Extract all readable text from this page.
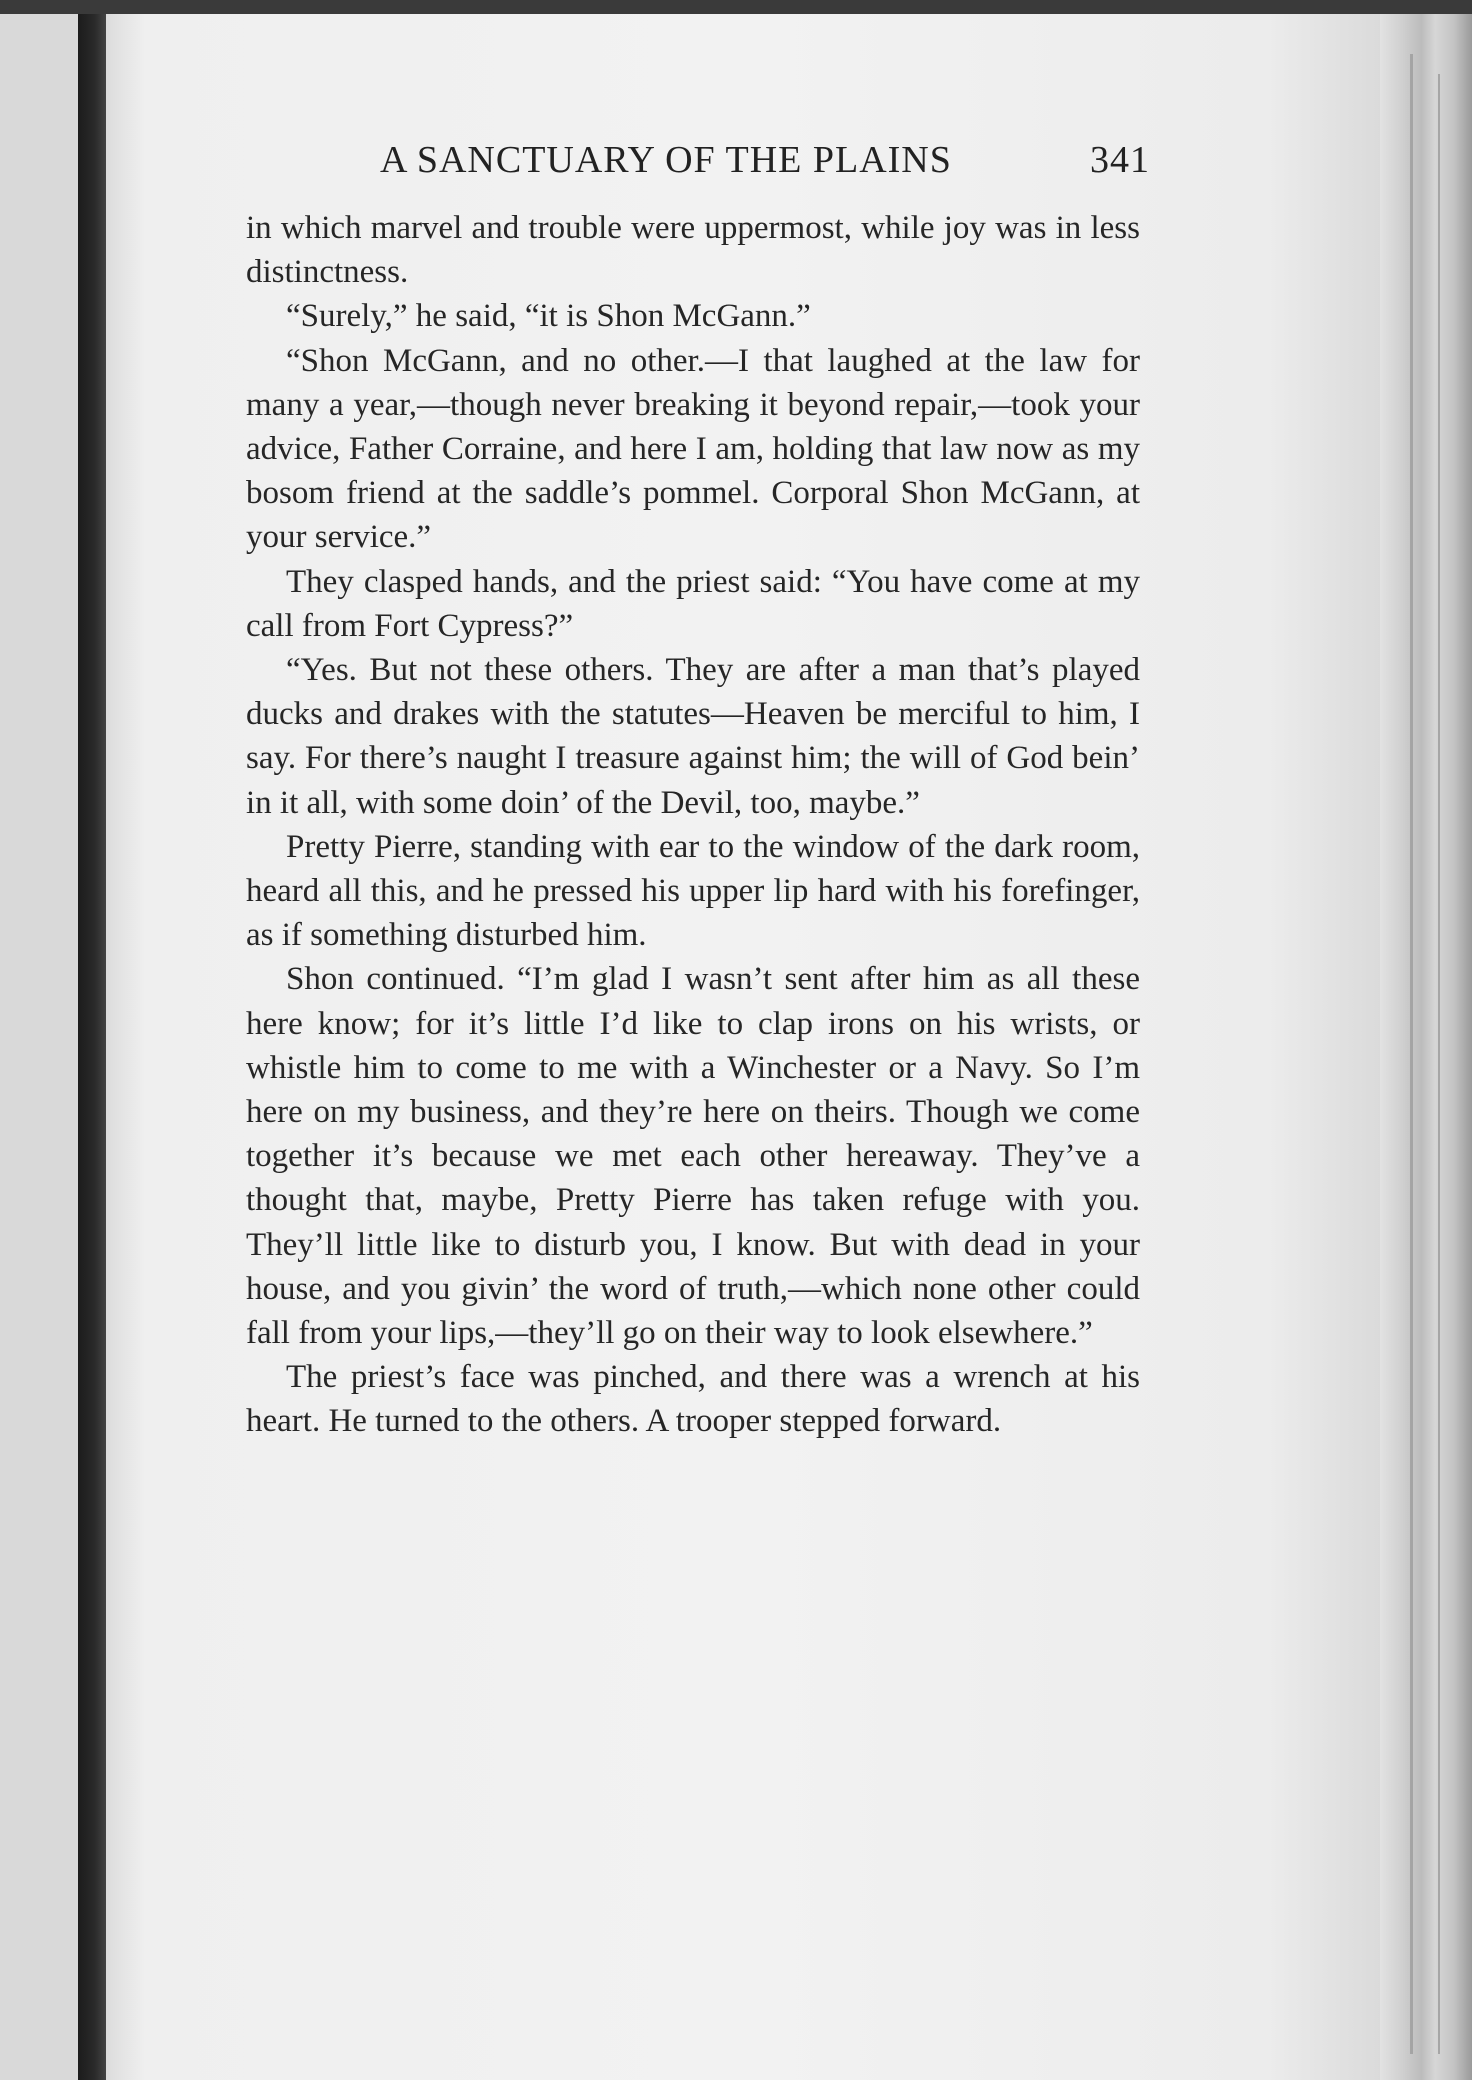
A SANCTUARY OF THE PLAINS	341

in which marvel and trouble were uppermost, while joy was in less distinctness.

“Surely,” he said, “it is Shon McGann.”

“Shon McGann, and no other.—I that laughed at the law for many a year,—though never breaking it beyond repair,—took your advice, Father Corraine, and here I am, holding that law now as my bosom friend at the saddle’s pommel. Corporal Shon McGann, at your service.”

They clasped hands, and the priest said: “You have come at my call from Fort Cypress?”

“Yes. But not these others. They are after a man that’s played ducks and drakes with the statutes—Heaven be merciful to him, I say. For there’s naught I treasure against him; the will of God bein’ in it all, with some doin’ of the Devil, too, maybe.”

Pretty Pierre, standing with ear to the window of the dark room, heard all this, and he pressed his upper lip hard with his forefinger, as if something disturbed him.

Shon continued. “I’m glad I wasn’t sent after him as all these here know; for it’s little I’d like to clap irons on his wrists, or whistle him to come to me with a Winchester or a Navy. So I’m here on my business, and they’re here on theirs. Though we come together it’s because we met each other hereaway. They’ve a thought that, maybe, Pretty Pierre has taken refuge with you. They’ll little like to disturb you, I know. But with dead in your house, and you givin’ the word of truth,—which none other could fall from your lips,—they’ll go on their way to look elsewhere.”

The priest’s face was pinched, and there was a wrench at his heart. He turned to the others. A trooper stepped forward.
